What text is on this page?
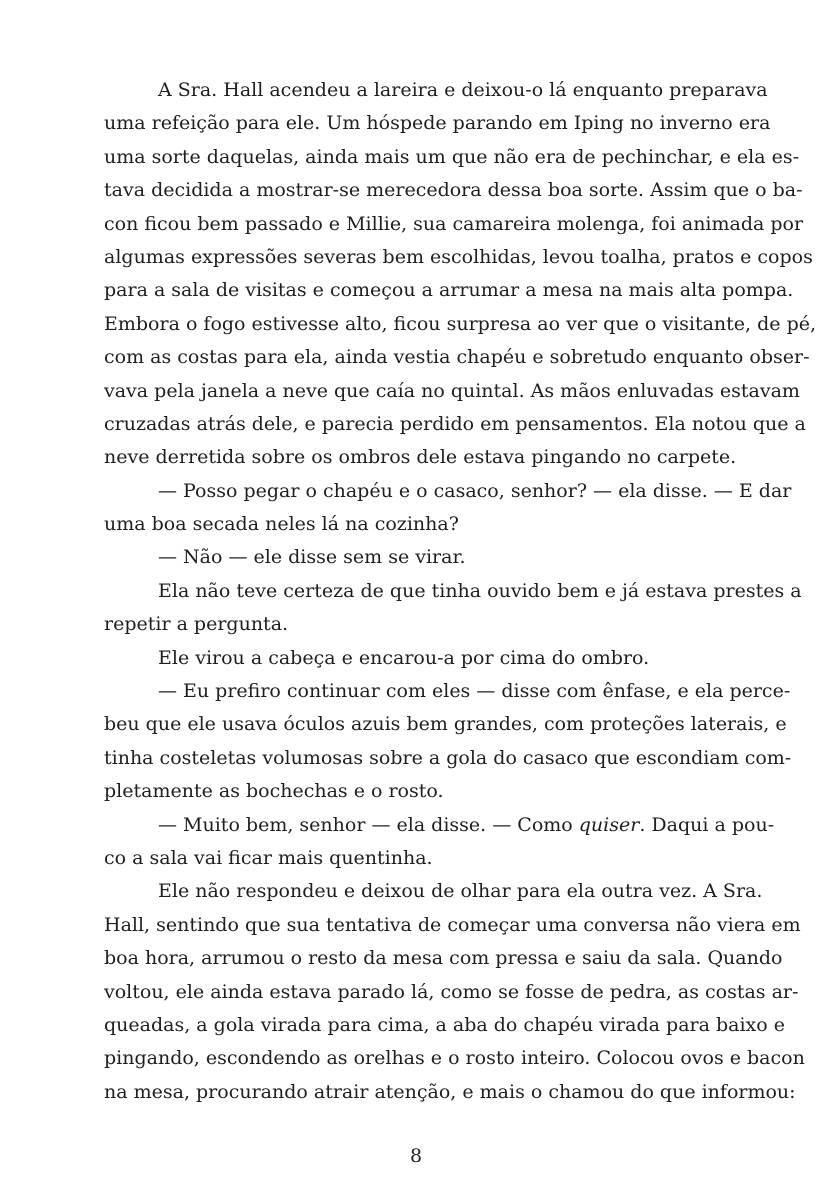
A Sra. Hall acendeu a lareira e deixou-o lá enquanto preparava
uma refeição para ele. Um hóspede parando em Iping no inverno era
uma sorte daquelas, ainda mais um que não era de pechinchar, e ela es-
tava decidida a mostrar-se merecedora dessa boa sorte. Assim que o ba-
con ficou bem passado e Millie, sua camareira molenga, foi animada por
algumas expressões severas bem escolhidas, levou toalha, pratos e copos
para a sala de visitas e começou a arrumar a mesa na mais alta pompa.
Embora o fogo estivesse alto, ficou surpresa ao ver que o visitante, de pé,
com as costas para ela, ainda vestia chapéu e sobretudo enquanto obser-
vava pela janela a neve que caía no quintal. As mãos enluvadas estavam
cruzadas atrás dele, e parecia perdido em pensamentos. Ela notou que a
neve derretida sobre os ombros dele estava pingando no carpete.
— Posso pegar o chapéu e o casaco, senhor? — ela disse. — E dar
uma boa secada neles lá na cozinha?
— Não — ele disse sem se virar.
Ela não teve certeza de que tinha ouvido bem e já estava prestes a
repetir a pergunta.
Ele virou a cabeça e encarou-a por cima do ombro.
— Eu prefiro continuar com eles — disse com ênfase, e ela perce-
beu que ele usava óculos azuis bem grandes, com proteções laterais, e
tinha costeletas volumosas sobre a gola do casaco que escondiam com-
pletamente as bochechas e o rosto.
— Muito bem, senhor — ela disse. — Como quiser. Daqui a pou-
co a sala vai ficar mais quentinha.
Ele não respondeu e deixou de olhar para ela outra vez. A Sra.
Hall, sentindo que sua tentativa de começar uma conversa não viera em
boa hora, arrumou o resto da mesa com pressa e saiu da sala. Quando
voltou, ele ainda estava parado lá, como se fosse de pedra, as costas ar-
queadas, a gola virada para cima, a aba do chapéu virada para baixo e
pingando, escondendo as orelhas e o rosto inteiro. Colocou ovos e bacon
na mesa, procurando atrair atenção, e mais o chamou do que informou:
8
